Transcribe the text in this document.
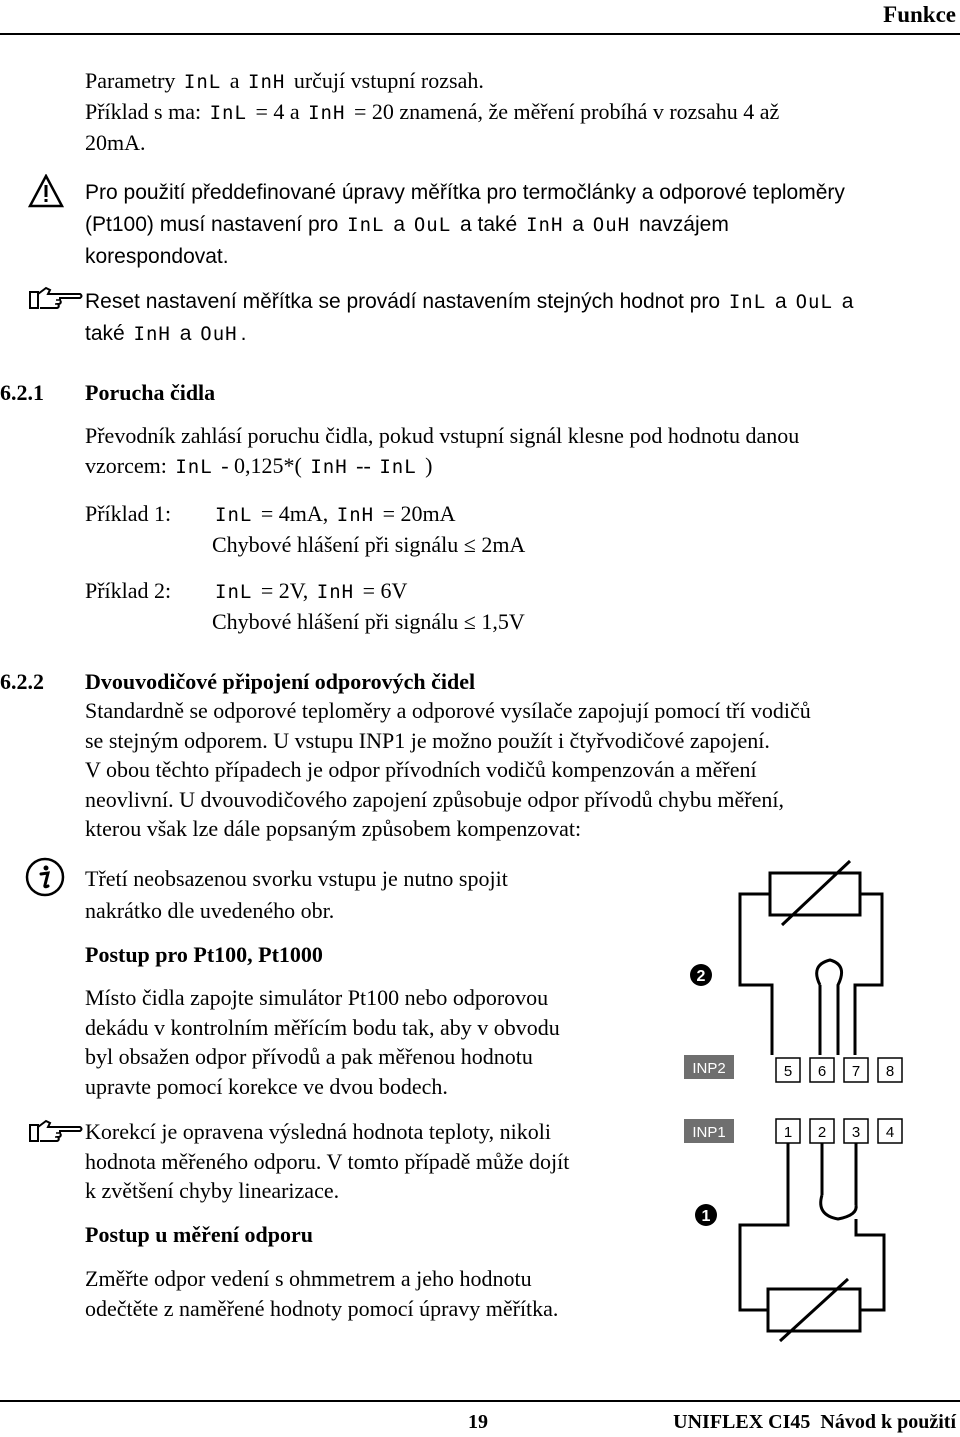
Funkce

Parametry InL a InH určují vstupní rozsah.

Příklad s ma: InL = 4 a InH = 20 znamená, že měření probíhá v rozsahu 4 až

20mA.

Pro použití předdefinované úpravy měřítka pro termočlánky a odporové teploměry

(Pt100) musí nastavení pro InL a OuL a také InH a OuH navzájem

korespondovat.

Reset nastavení měřítka se provádí nastavením stejných hodnot pro InL a OuL a

také InH a OuH .

6.2.1 Porucha čidla

Převodník zahlásí poruchu čidla, pokud vstupní signál klesne pod hodnotu danou

vzorcem: InL - 0,125*( InH -- InL )

Příklad 1: InL = 4mA, InH = 20mA
Chybové hlášení při signálu ≤ 2mA
Příklad 2: InL = 2V, InH = 6V
Chybové hlášení při signálu ≤ 1,5V
6.2.2 Dvouvodičové připojení odporových čidel

Standardně se odporové teploměry a odporové vysílače zapojují pomocí tří vodičů

se stejným odporem. U vstupu INP1 je možno použít i čtyřvodičové zapojení.

V obou těchto případech je odpor přívodních vodičů kompenzován a měření

neovlivní. U dvouvodičového zapojení způsobuje odpor přívodů chybu měření,

kterou však lze dále popsaným způsobem kompenzovat:

Třetí neobsazenou svorku vstupu je nutno spojit

nakrátko dle uvedeného obr.

Postup pro Pt100, Pt1000

Místo čidla zapojte simulátor Pt100 nebo odporovou

dekádu v kontrolním měřícím bodu tak, aby v obvodu

byl obsažen odpor přívodů a pak měřenou hodnotu

upravte pomocí korekce ve dvou bodech.

Korekcí je opravena výsledná hodnota teploty, nikoli

hodnota měřeného odporu. V tomto případě může dojít

k zvětšení chyby linearizace.

Postup u měření odporu

Změřte odpor vedení s ohmmetrem a jeho hodnotu

odečtěte z naměřené hodnoty pomocí úpravy měřítka.

2
INP2	5 6 7 8
INP1	1 2 3 4
1
19	UNIFLEX CI45  Návod k použití
